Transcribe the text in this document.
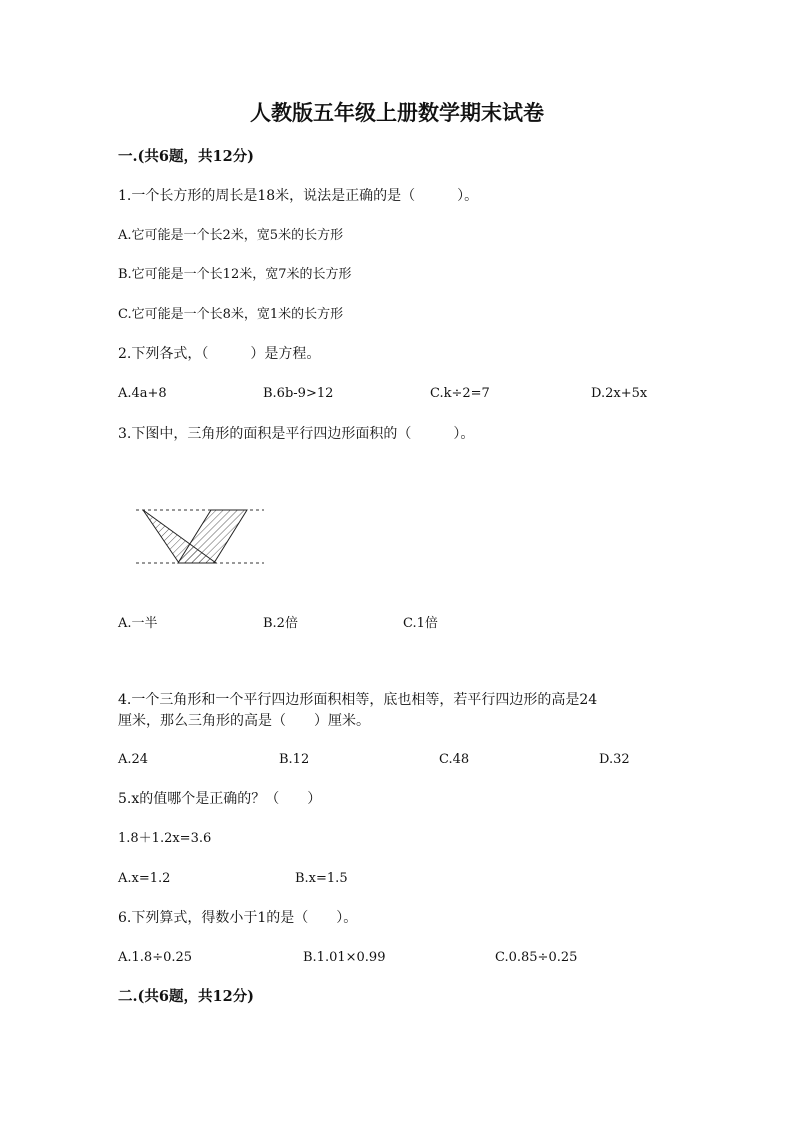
人教版五年级上册数学期末试卷
一.(共6题，共12分)
1.一个长方形的周长是18米，说法是正确的是（　　　）。
A.它可能是一个长2米，宽5米的长方形
B.它可能是一个长12米，宽7米的长方形
C.它可能是一个长8米，宽1米的长方形
2.下列各式，（　　　）是方程。
A.4a+8	B.6b-9>12	C.k÷2=7	D.2x+5x
3.下图中，三角形的面积是平行四边形面积的（　　　）。
A.一半	B.2倍	C.1倍
4.一个三角形和一个平行四边形面积相等，底也相等，若平行四边形的高是24
厘米，那么三角形的高是（　　）厘米。
A.24	B.12	C.48	D.32
5.x的值哪个是正确的？（　　）
1.8＋1.2x=3.6
A.x=1.2	B.x=1.5
6.下列算式，得数小于1的是（　　）。
A.1.8÷0.25	B.1.01×0.99	C.0.85÷0.25
二.(共6题，共12分)
